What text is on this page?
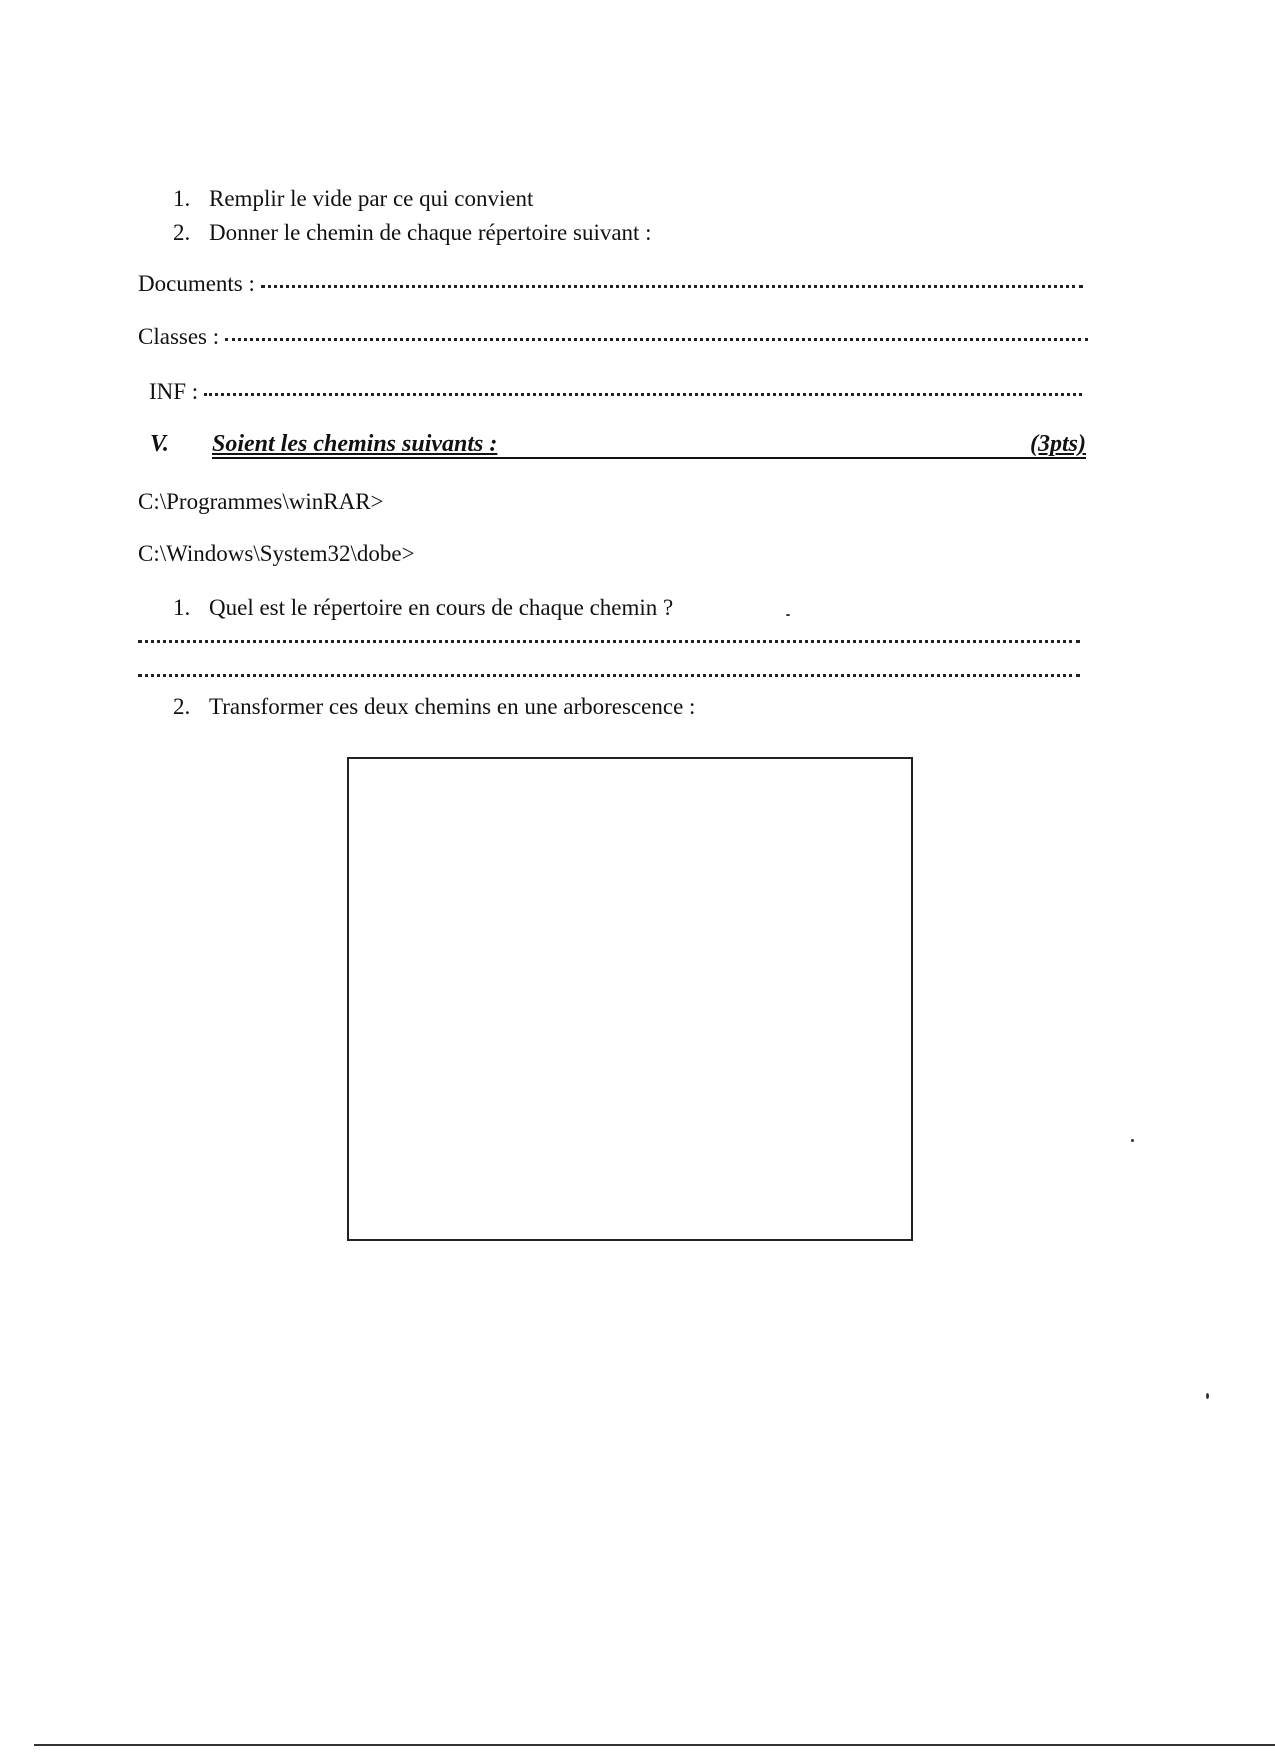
1. Remplir le vide par ce qui convient
2. Donner le chemin de chaque répertoire suivant :
Documents :
Classes :
INF :
V. Soient les chemins suivants :	(3pts)
C:\Programmes\winRAR>
C:\Windows\System32\dobe>
1. Quel est le répertoire en cours de chaque chemin ?
2. Transformer ces deux chemins en une arborescence :
